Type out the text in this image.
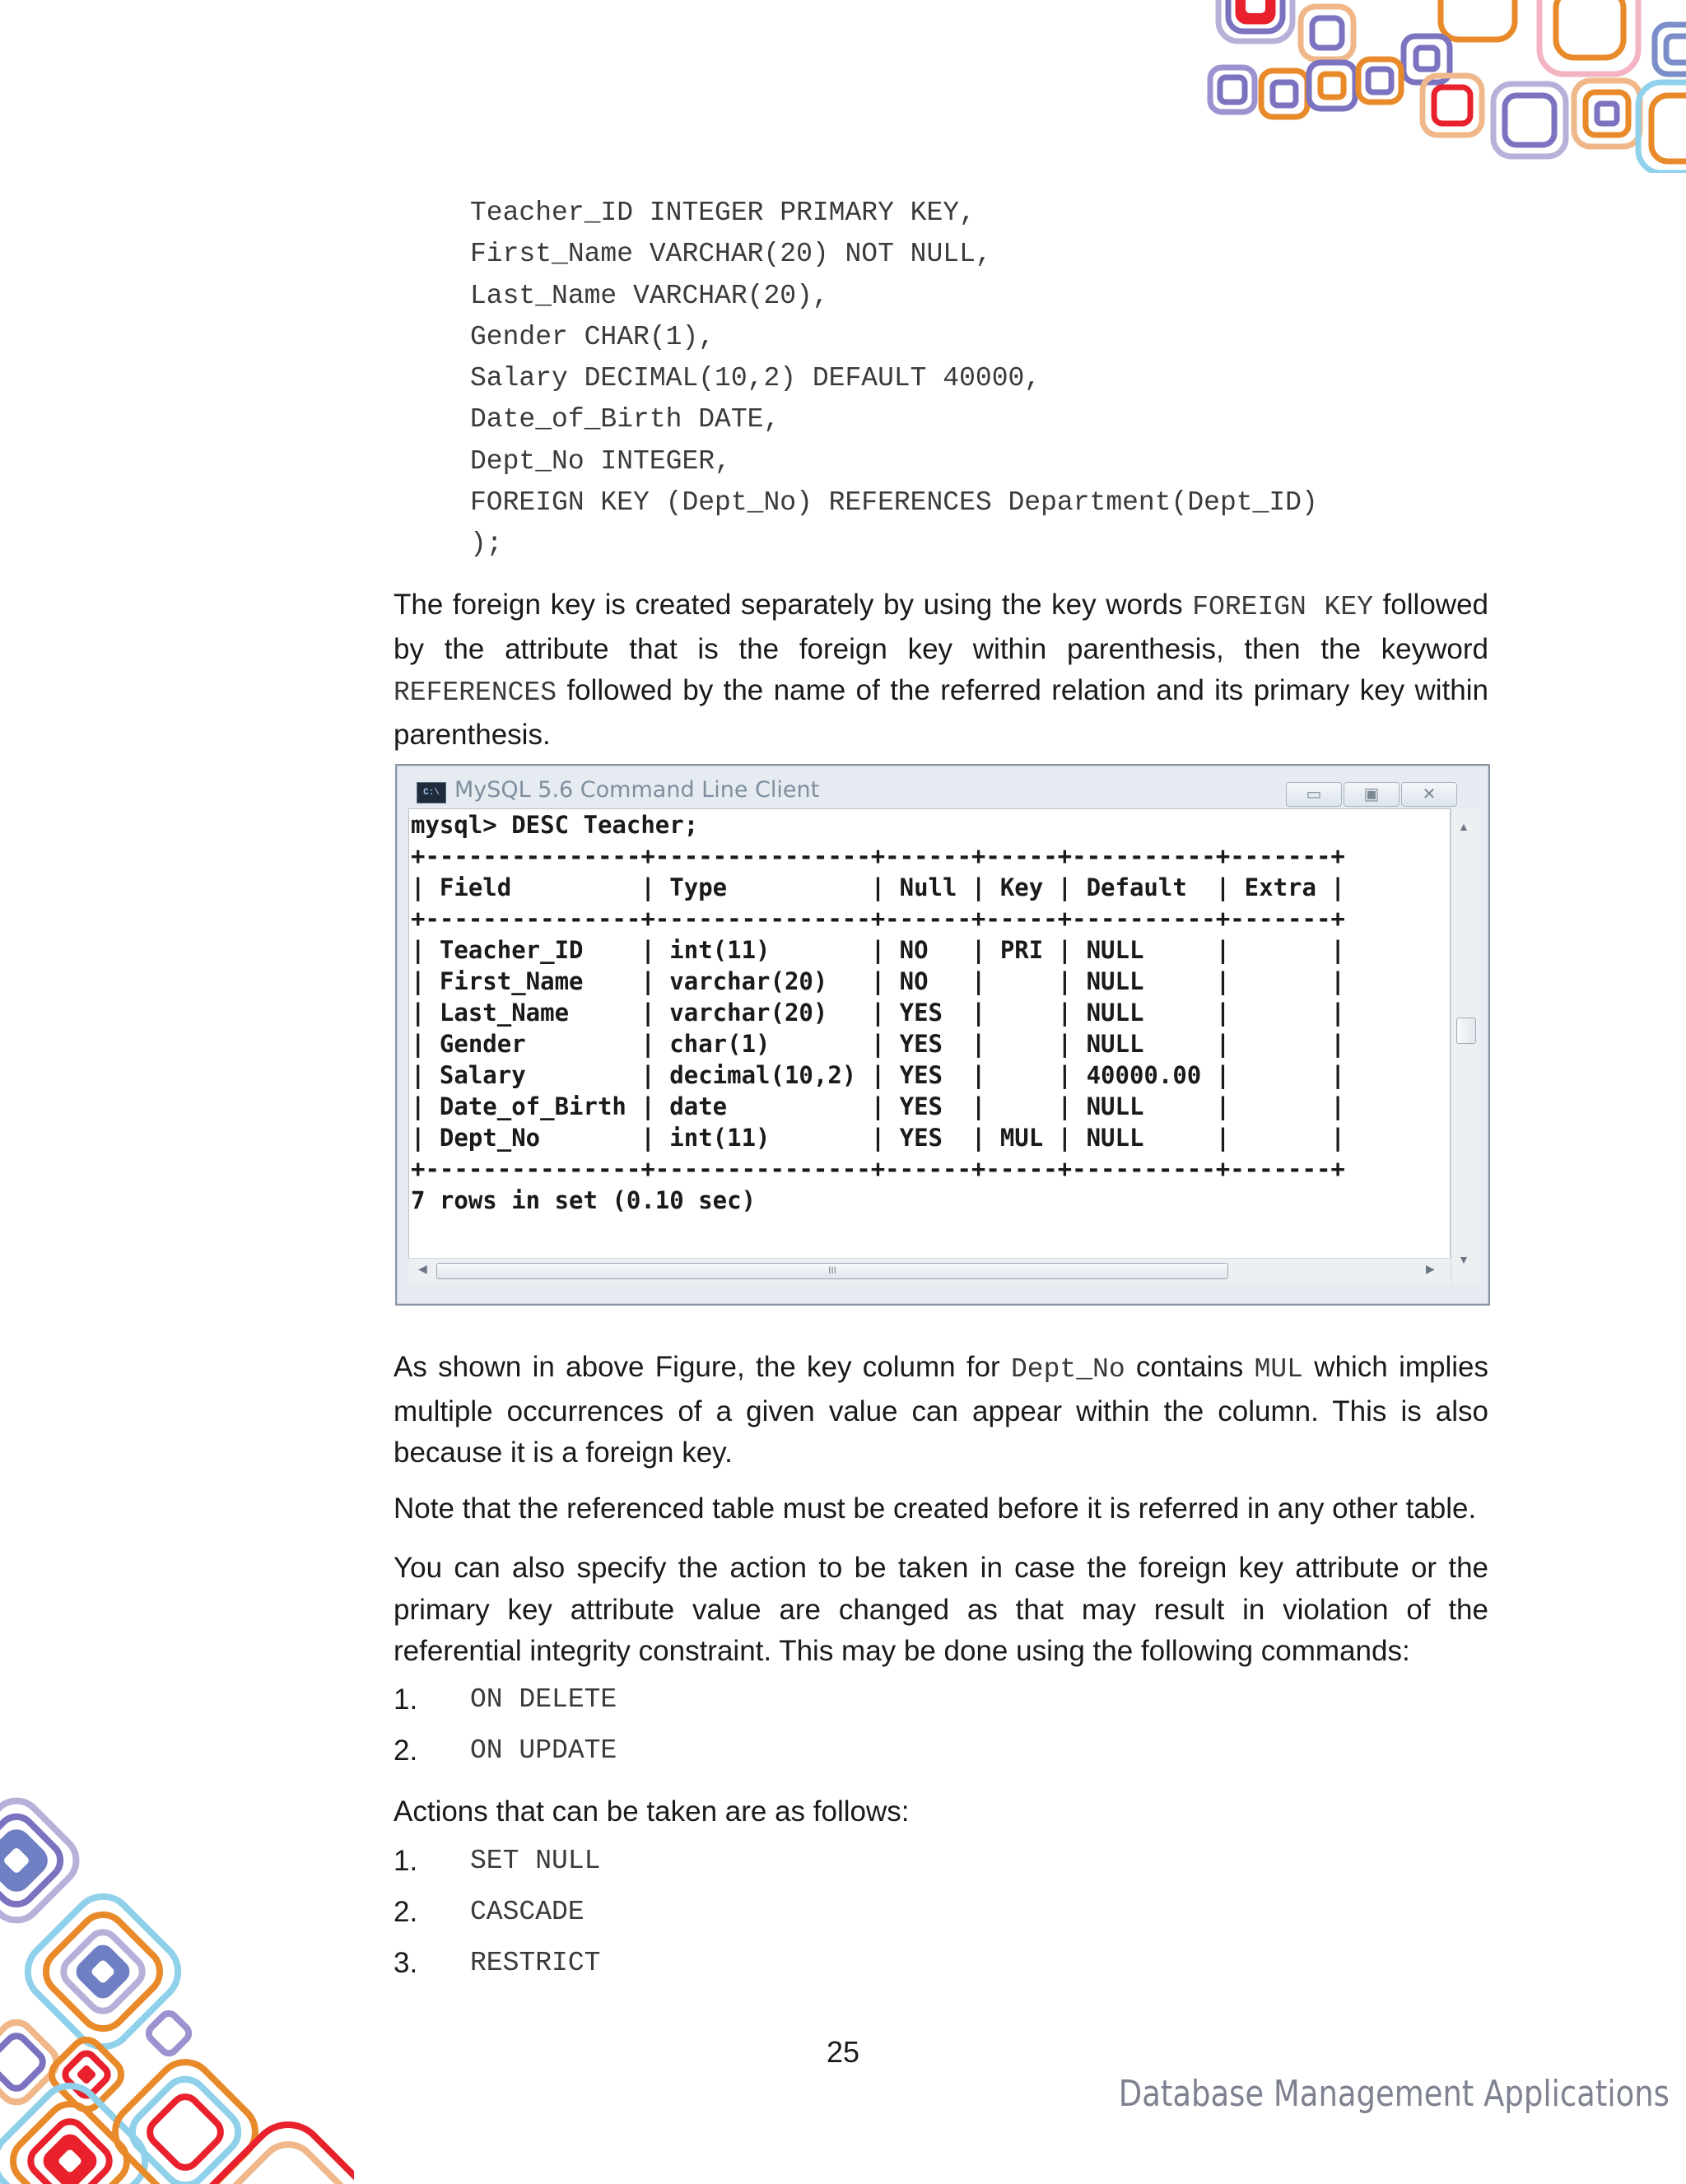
Teacher_ID INTEGER PRIMARY KEY,
First_Name VARCHAR(20) NOT NULL,
Last_Name VARCHAR(20),
Gender CHAR(1),
Salary DECIMAL(10,2) DEFAULT 40000,
Date_of_Birth DATE,
Dept_No INTEGER,
FOREIGN KEY (Dept_No) REFERENCES Department(Dept_ID)
);

The foreign key is created separately by using the key words FOREIGN KEY followed by the attribute that is the foreign key within parenthesis, then the keyword REFERENCES followed by the name of the referred relation and its primary key within parenthesis.

C:\ MySQL 5.6 Command Line Client	▭	▣	✕
mysql> DESC Teacher;
+---------------+---------------+------+-----+----------+-------+
| Field         | Type          | Null | Key | Default  | Extra |
+---------------+---------------+------+-----+----------+-------+
| Teacher_ID    | int(11)       | NO   | PRI | NULL     |       |
| First_Name    | varchar(20)   | NO   |     | NULL     |       |
| Last_Name     | varchar(20)   | YES  |     | NULL     |       |
| Gender        | char(1)       | YES  |     | NULL     |       |
| Salary        | decimal(10,2) | YES  |     | 40000.00 |       |
| Date_of_Birth | date          | YES  |     | NULL     |       |
| Dept_No       | int(11)       | YES  | MUL | NULL     |       |
+---------------+---------------+------+-----+----------+-------+
7 rows in set (0.10 sec)
▲
▼
◀	III	▶

As shown in above Figure, the key column for Dept_No contains MUL which implies multiple occurrences of a given value can appear within the column. This is also because it is a foreign key.

Note that the referenced table must be created before it is referred in any other table.

You can also specify the action to be taken in case the foreign key attribute or the primary key attribute value are changed as that may result in violation of the referential integrity constraint. This may be done using the following commands:

1. ON DELETE
2. ON UPDATE

Actions that can be taken are as follows:

1. SET NULL
2. CASCADE
3. RESTRICT
25
Database Management Applications
